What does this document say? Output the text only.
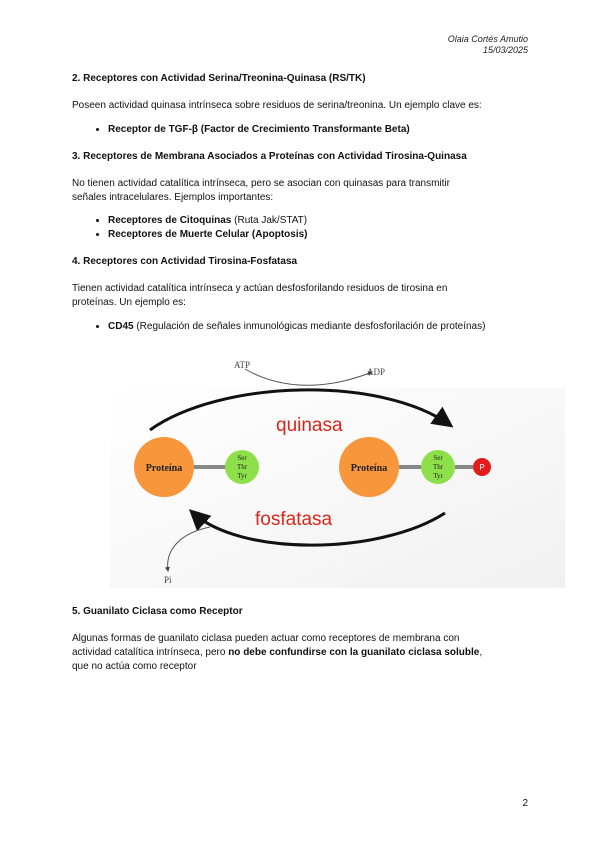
Olaia Cortés Amutio
15/03/2025
2. Receptores con Actividad Serina/Treonina-Quinasa (RS/TK)

Poseen actividad quinasa intrínseca sobre residuos de serina/treonina. Un ejemplo clave es:

• Receptor de TGF-β (Factor de Crecimiento Transformante Beta)
3. Receptores de Membrana Asociados a Proteínas con Actividad Tirosina-Quinasa

No tienen actividad catalítica intrínseca, pero se asocian con quinasas para transmitir
señales intracelulares. Ejemplos importantes:

• Receptores de Citoquinas (Ruta Jak/STAT)
• Receptores de Muerte Celular (Apoptosis)
4. Receptores con Actividad Tirosina-Fosfatasa

Tienen actividad catalítica intrínseca y actúan desfosforilando residuos de tirosina en
proteínas. Un ejemplo es:

• CD45 (Regulación de señales inmunológicas mediante desfosforilación de proteínas)
ATP
ADP
quinasa
Proteína
Ser
Thr
Tyr
Proteína
Ser
Thr
Tyr
P
fosfatasa
Pi
5. Guanilato Ciclasa como Receptor

Algunas formas de guanilato ciclasa pueden actuar como receptores de membrana con
actividad catalítica intrínseca, pero no debe confundirse con la guanilato ciclasa soluble,
que no actúa como receptor

2
